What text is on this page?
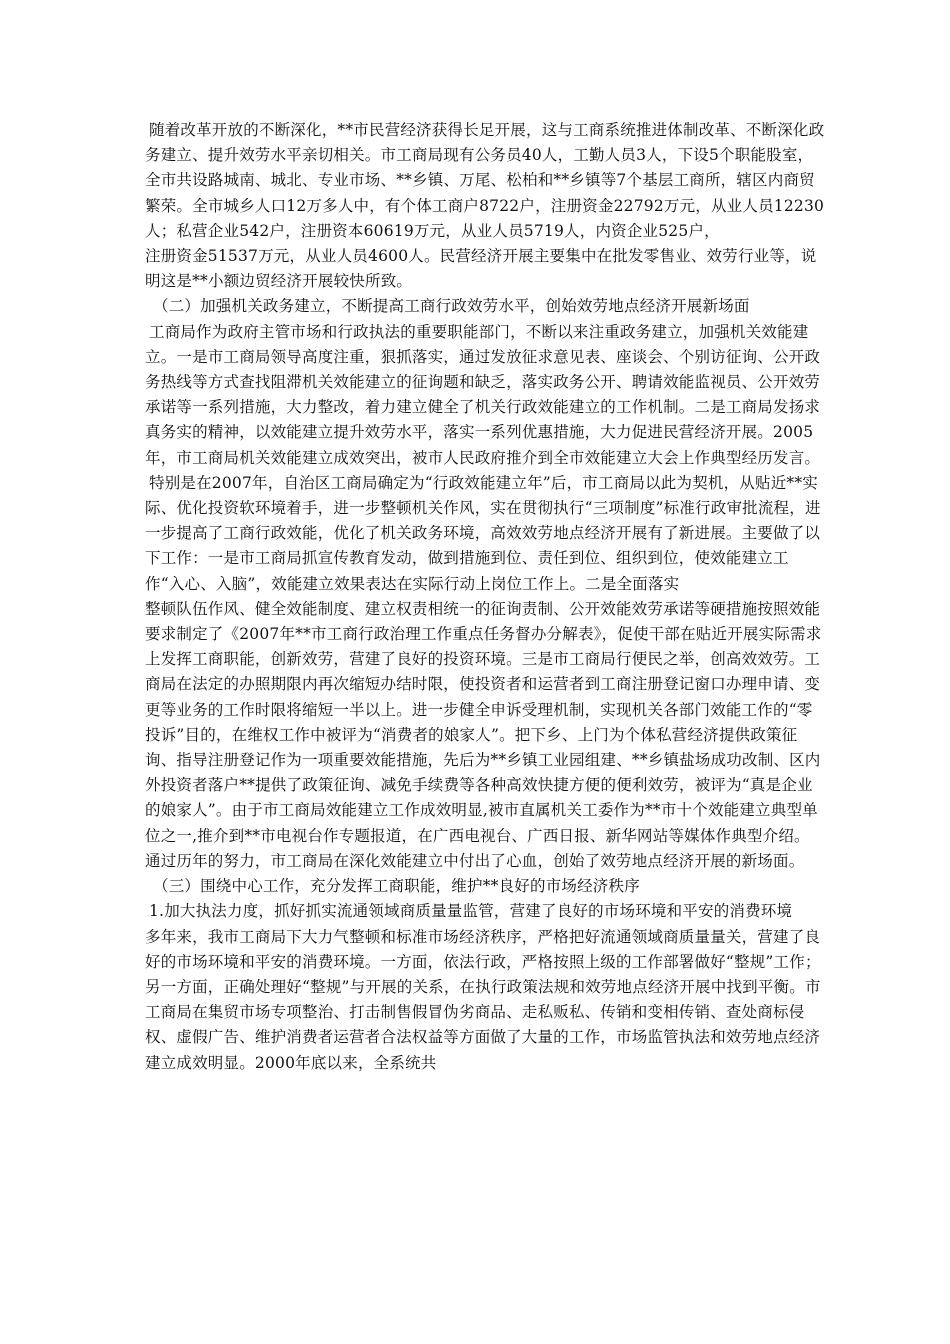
随着改革开放的不断深化，**市民营经济获得长足开展，这与工商系统推进体制改革、不断深化政务建立、提升效劳水平亲切相关。市工商局现有公务员40人，工勤人员3人，下设5个职能股室，全市共设路城南、城北、专业市场、**乡镇、万尾、松柏和**乡镇等7个基层工商所，辖区内商贸繁荣。全市城乡人口12万多人中，有个体工商户8722户，注册资金22792万元，从业人员12230人；私营企业542户，注册资本60619万元，从业人员5719人，内资企业525户，

注册资金51537万元，从业人员4600人。民营经济开展主要集中在批发零售业、效劳行业等，说明这是**小额边贸经济开展较快所致。

（二）加强机关政务建立，不断提高工商行政效劳水平，创始效劳地点经济开展新场面

工商局作为政府主管市场和行政执法的重要职能部门，不断以来注重政务建立，加强机关效能建立。一是市工商局领导高度注重，狠抓落实，通过发放征求意见表、座谈会、个别访征询、公开政务热线等方式查找阻滞机关效能建立的征询题和缺乏，落实政务公开、聘请效能监视员、公开效劳承诺等一系列措施，大力整改，着力建立健全了机关行政效能建立的工作机制。二是工商局发扬求真务实的精神，以效能建立提升效劳水平，落实一系列优惠措施，大力促进民营经济开展。2005年，市工商局机关效能建立成效突出，被市人民政府推介到全市效能建立大会上作典型经历发言。

特别是在2007年，自治区工商局确定为“行政效能建立年”后，市工商局以此为契机，从贴近**实际、优化投资软环境着手，进一步整顿机关作风，实在贯彻执行“三项制度”标准行政审批流程，进一步提高了工商行政效能，优化了机关政务环境，高效效劳地点经济开展有了新进展。主要做了以下工作：一是市工商局抓宣传教育发动，做到措施到位、责任到位、组织到位，使效能建立工作“入心、入脑”，效能建立效果表达在实际行动上岗位工作上。二是全面落实

整顿队伍作风、健全效能制度、建立权责相统一的征询责制、公开效能效劳承诺等硬措施按照效能要求制定了《2007年**市工商行政治理工作重点任务督办分解表》，促使干部在贴近开展实际需求上发挥工商职能，创新效劳，营建了良好的投资环境。三是市工商局行便民之举，创高效效劳。工商局在法定的办照期限内再次缩短办结时限，使投资者和运营者到工商注册登记窗口办理申请、变更等业务的工作时限将缩短一半以上。进一步健全申诉受理机制，实现机关各部门效能工作的“零投诉”目的，在维权工作中被评为“消费者的娘家人”。把下乡、上门为个体私营经济提供政策征询、指导注册登记作为一项重要效能措施，先后为**乡镇工业园组建、**乡镇盐场成功改制、区内外投资者落户**提供了政策征询、减免手续费等各种高效快捷方便的便利效劳，被评为“真是企业的娘家人”。由于市工商局效能建立工作成效明显,被市直属机关工委作为**市十个效能建立典型单位之一,推介到**市电视台作专题报道，在广西电视台、广西日报、新华网站等媒体作典型介绍。通过历年的努力，市工商局在深化效能建立中付出了心血，创始了效劳地点经济开展的新场面。

（三）围绕中心工作，充分发挥工商职能，维护**良好的市场经济秩序

1.加大执法力度，抓好抓实流通领域商质量量监管，营建了良好的市场环境和平安的消费环境

多年来，我市工商局下大力气整顿和标准市场经济秩序，严格把好流通领域商质量量关，营建了良好的市场环境和平安的消费环境。一方面，依法行政，严格按照上级的工作部署做好“整规”工作；另一方面，正确处理好“整规”与开展的关系，在执行政策法规和效劳地点经济开展中找到平衡。市工商局在集贸市场专项整治、打击制售假冒伪劣商品、走私贩私、传销和变相传销、查处商标侵权、虚假广告、维护消费者运营者合法权益等方面做了大量的工作，市场监管执法和效劳地点经济建立成效明显。2000年底以来，全系统共
